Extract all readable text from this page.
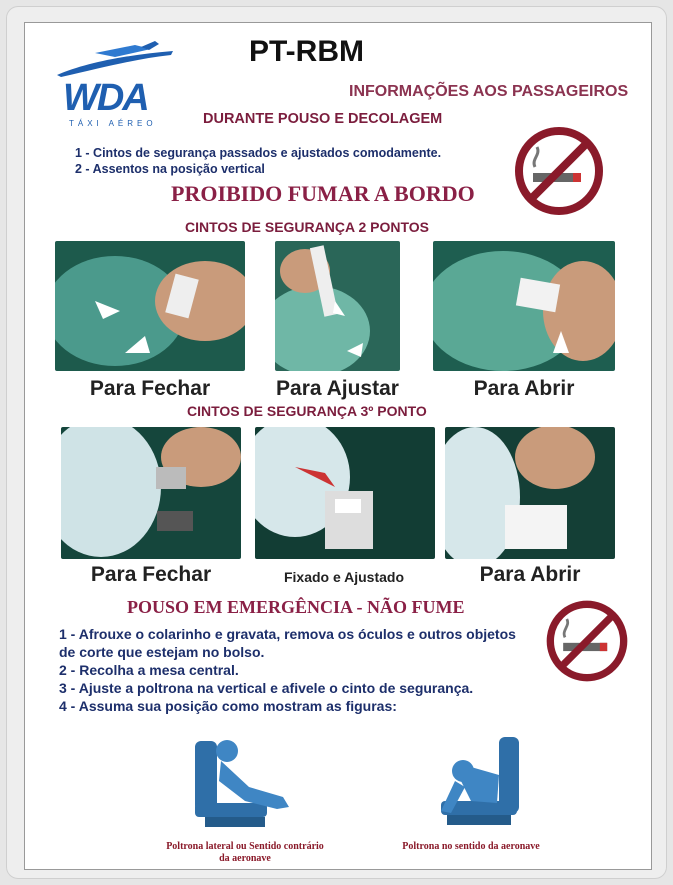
WDA
TÁXI AÉREO
PT-RBM
INFORMAÇÕES AOS PASSAGEIROS
DURANTE POUSO E DECOLAGEM
1 - Cintos de segurança passados e ajustados comodamente.
2 - Assentos na posição vertical
PROIBIDO FUMAR A BORDO
CINTOS DE SEGURANÇA 2 PONTOS
Para Fechar	Para Ajustar	Para Abrir
CINTOS DE SEGURANÇA 3º PONTO
Para Fechar	Fixado e Ajustado	Para Abrir
POUSO EM EMERGÊNCIA - NÃO FUME
1 - Afrouxe o colarinho e gravata, remova os óculos e outros objetos de corte que estejam no bolso.
2 - Recolha a mesa central.
3 - Ajuste a poltrona na vertical e afivele o cinto de segurança.
4 - Assuma sua posição como mostram as figuras:
Poltrona lateral ou Sentido contrário da aeronave
Poltrona no sentido da aeronave
